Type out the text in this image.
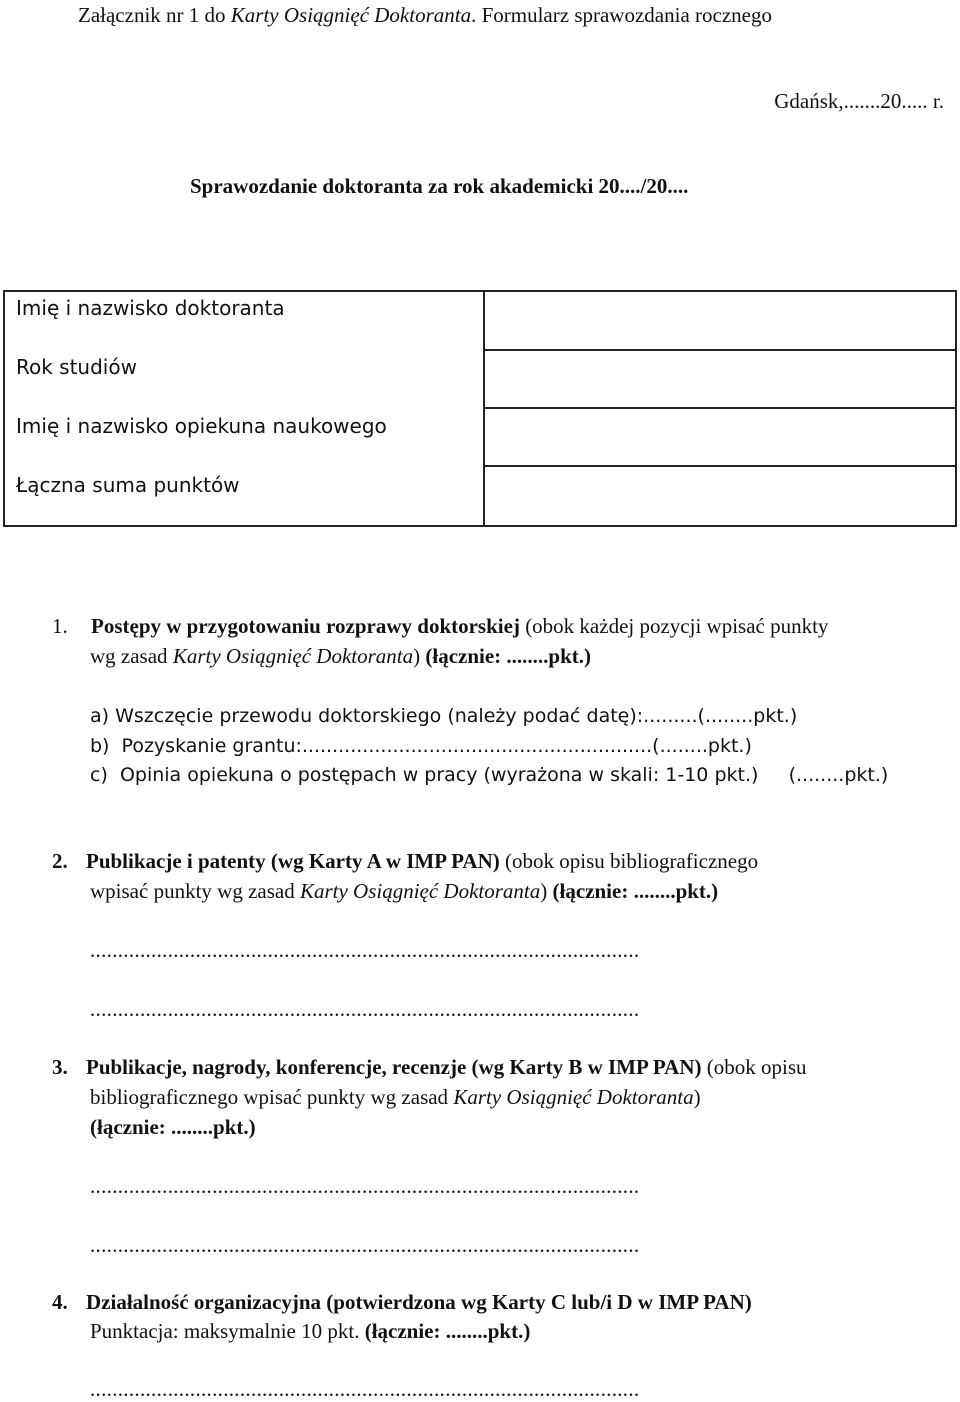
Załącznik nr 1 do Karty Osiągnięć Doktoranta. Formularz sprawozdania rocznego
Gdańsk,.......20..... r.
Sprawozdanie doktoranta za rok akademicki 20..../20....
Imię i nazwisko doktoranta
Rok studiów
Imię i nazwisko opiekuna naukowego
Łączna suma punktów
1. Postępy w przygotowaniu rozprawy doktorskiej (obok każdej pozycji wpisać punkty
wg zasad Karty Osiągnięć Doktoranta) (łącznie: ........pkt.)
a) Wszczęcie przewodu doktorskiego (należy podać datę):.........(........pkt.)
b)  Pozyskanie grantu:..........................................................(........pkt.)
c)  Opinia opiekuna o postępach w pracy (wyrażona w skali: 1-10 pkt.)     (........pkt.)
2. Publikacje i patenty (wg Karty A w IMP PAN) (obok opisu bibliograficznego
wpisać punkty wg zasad Karty Osiągnięć Doktoranta) (łącznie: ........pkt.)
...................................................................................................
...................................................................................................
3. Publikacje, nagrody, konferencje, recenzje (wg Karty B w IMP PAN) (obok opisu
bibliograficznego wpisać punkty wg zasad Karty Osiągnięć Doktoranta)
(łącznie: ........pkt.)
...................................................................................................
...................................................................................................
4. Działalność organizacyjna (potwierdzona wg Karty C lub/i D w IMP PAN)
Punktacja: maksymalnie 10 pkt. (łącznie: ........pkt.)
...................................................................................................
